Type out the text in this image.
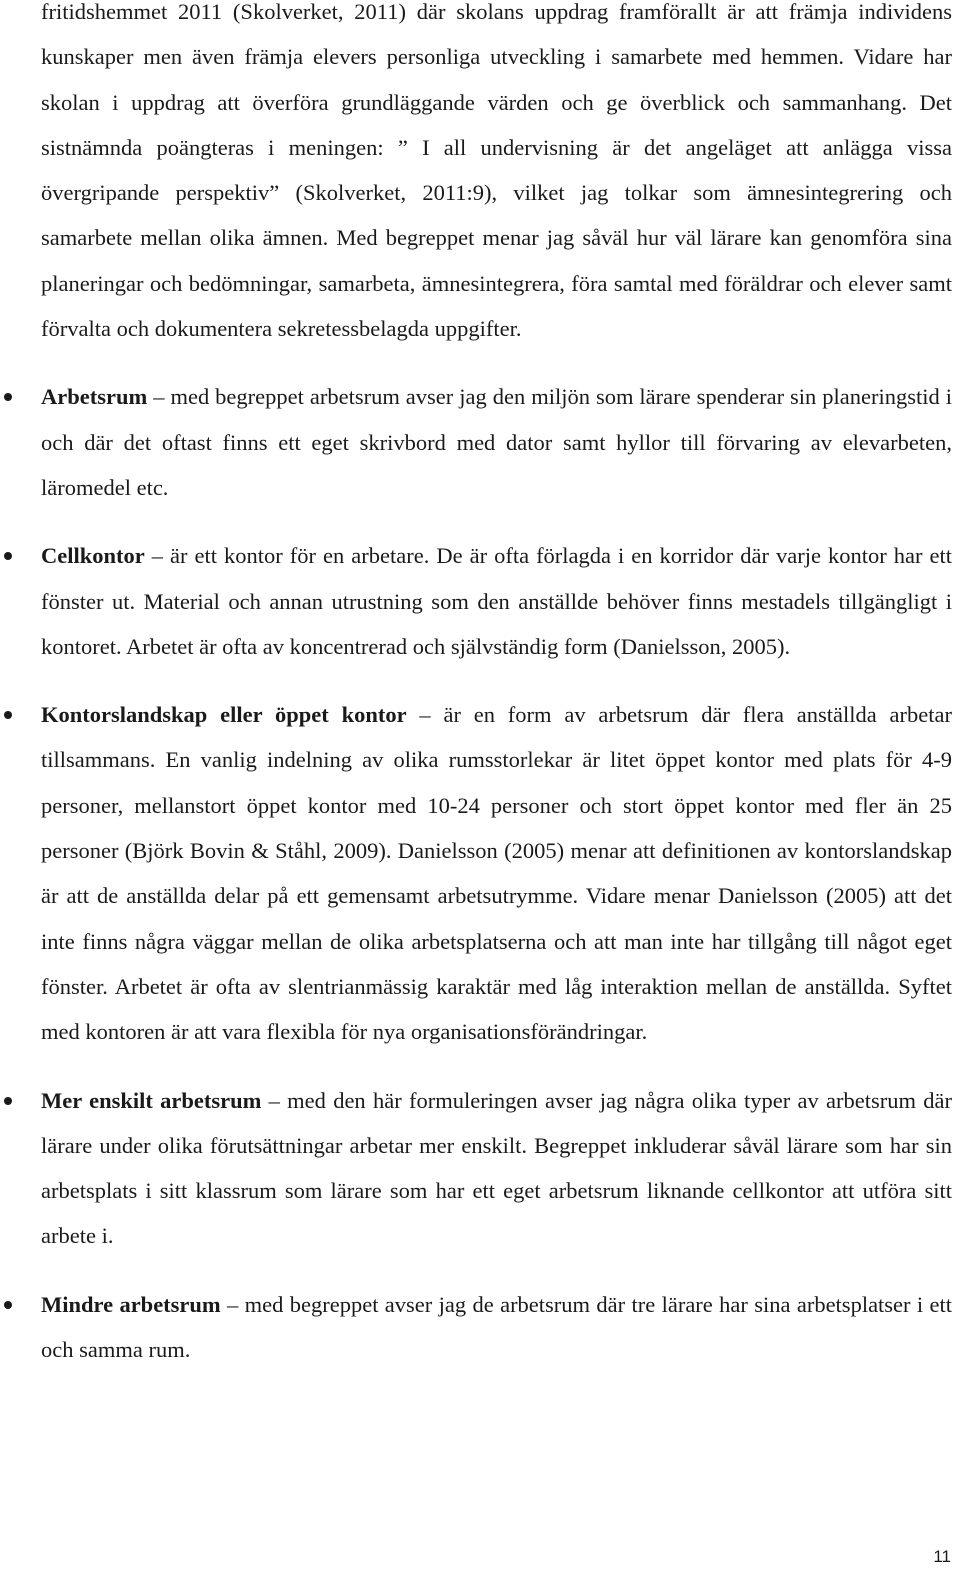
fritidshemmet 2011 (Skolverket, 2011) där skolans uppdrag framförallt är att främja individens kunskaper men även främja elevers personliga utveckling i samarbete med hemmen. Vidare har skolan i uppdrag att överföra grundläggande värden och ge överblick och sammanhang. Det sistnämnda poängteras i meningen: ” I all undervisning är det angeläget att anlägga vissa övergripande perspektiv” (Skolverket, 2011:9), vilket jag tolkar som ämnesintegrering och samarbete mellan olika ämnen. Med begreppet menar jag såväl hur väl lärare kan genomföra sina planeringar och bedömningar, samarbeta, ämnesintegrera, föra samtal med föräldrar och elever samt förvalta och dokumentera sekretessbelagda uppgifter.

Arbetsrum – med begreppet arbetsrum avser jag den miljön som lärare spenderar sin planeringstid i och där det oftast finns ett eget skrivbord med dator samt hyllor till förvaring av elevarbeten, läromedel etc.

Cellkontor – är ett kontor för en arbetare. De är ofta förlagda i en korridor där varje kontor har ett fönster ut. Material och annan utrustning som den anställde behöver finns mestadels tillgängligt i kontoret. Arbetet är ofta av koncentrerad och självständig form (Danielsson, 2005).

Kontorslandskap eller öppet kontor – är en form av arbetsrum där flera anställda arbetar tillsammans. En vanlig indelning av olika rumsstorlekar är litet öppet kontor med plats för 4-9 personer, mellanstort öppet kontor med 10-24 personer och stort öppet kontor med fler än 25 personer (Björk Bovin & Ståhl, 2009). Danielsson (2005) menar att definitionen av kontorslandskap är att de anställda delar på ett gemensamt arbetsutrymme. Vidare menar Danielsson (2005) att det inte finns några väggar mellan de olika arbetsplatserna och att man inte har tillgång till något eget fönster. Arbetet är ofta av slentrianmässig karaktär med låg interaktion mellan de anställda. Syftet med kontoren är att vara flexibla för nya organisationsförändringar.

Mer enskilt arbetsrum – med den här formuleringen avser jag några olika typer av arbetsrum där lärare under olika förutsättningar arbetar mer enskilt. Begreppet inkluderar såväl lärare som har sin arbetsplats i sitt klassrum som lärare som har ett eget arbetsrum liknande cellkontor att utföra sitt arbete i.

Mindre arbetsrum – med begreppet avser jag de arbetsrum där tre lärare har sina arbetsplatser i ett och samma rum.

11
